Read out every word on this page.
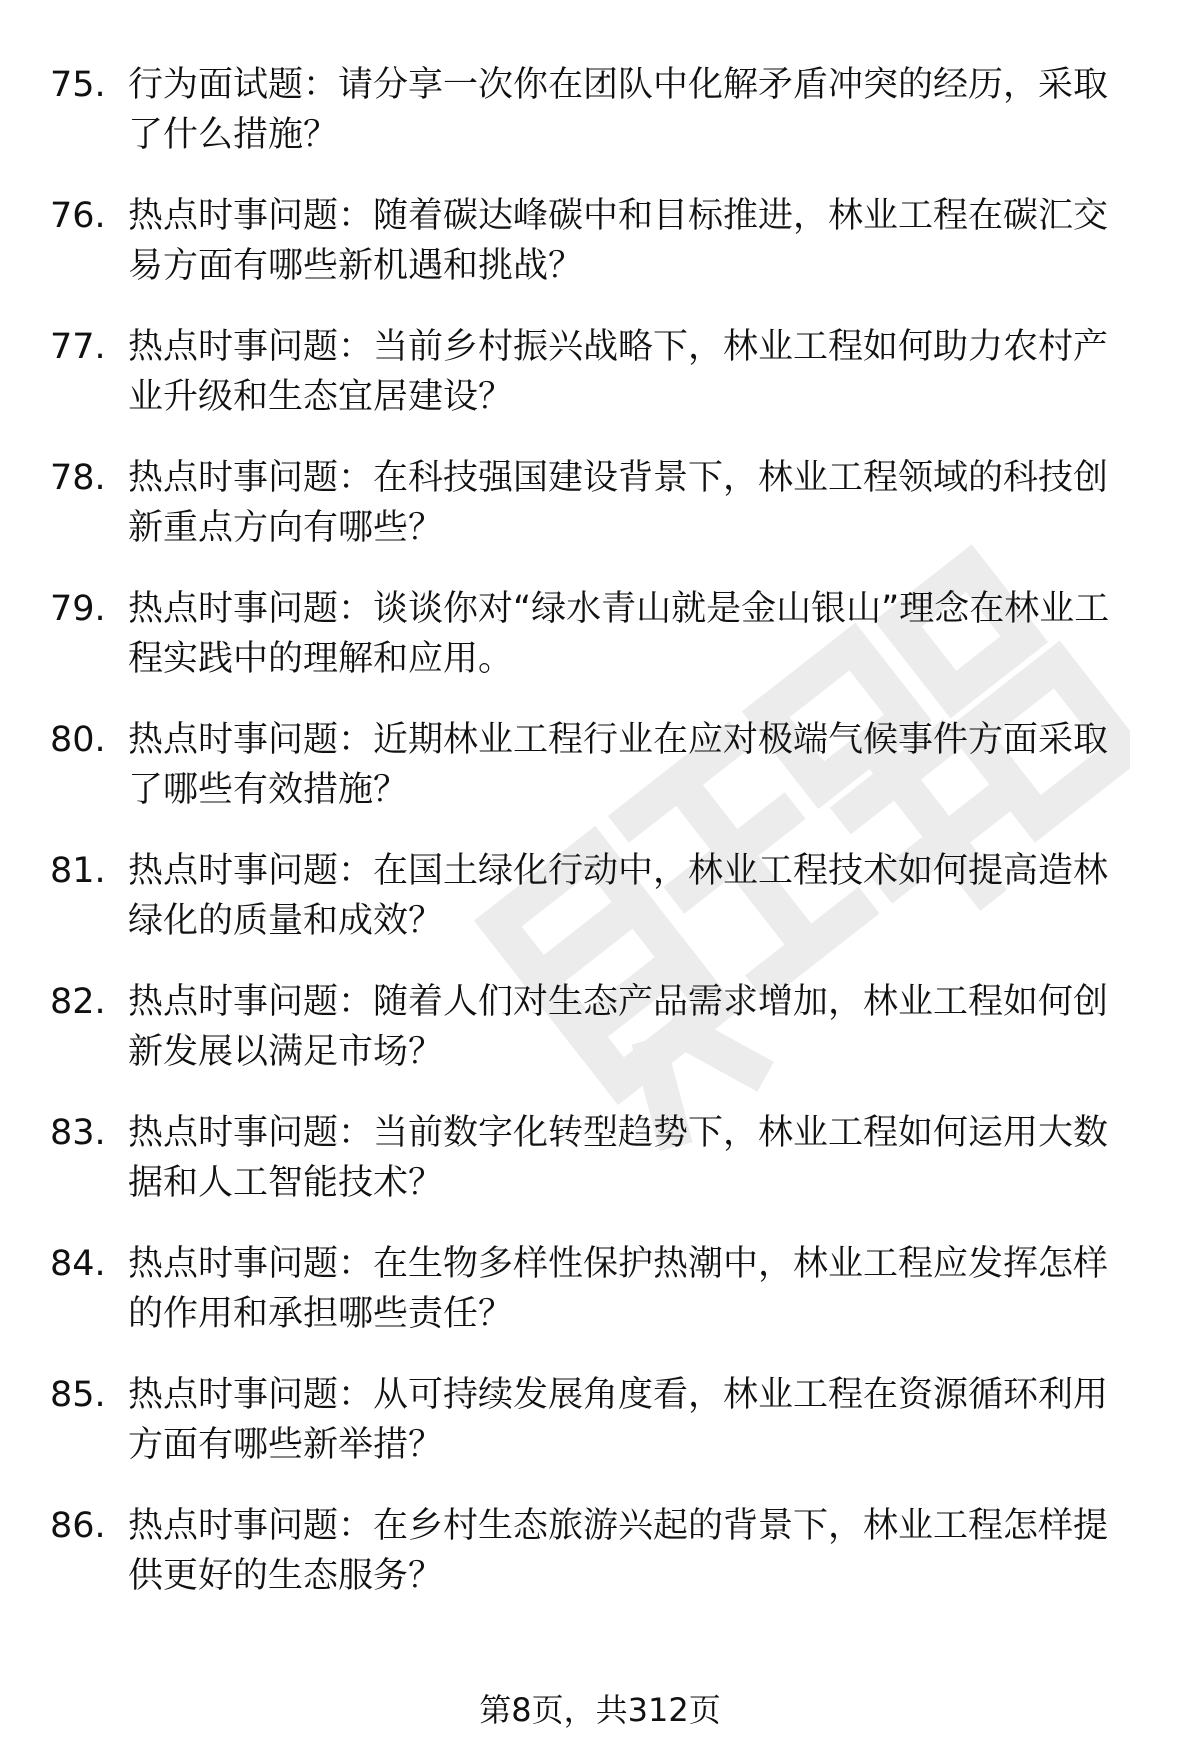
75. 行为面试题：请分享一次你在团队中化解矛盾冲突的经历，采取了什么措施？
76. 热点时事问题：随着碳达峰碳中和目标推进，林业工程在碳汇交易方面有哪些新机遇和挑战？
77. 热点时事问题：当前乡村振兴战略下，林业工程如何助力农村产业升级和生态宜居建设？
78. 热点时事问题：在科技强国建设背景下，林业工程领域的科技创新重点方向有哪些？
79. 热点时事问题：谈谈你对“绿水青山就是金山银山”理念在林业工程实践中的理解和应用。
80. 热点时事问题：近期林业工程行业在应对极端气候事件方面采取了哪些有效措施？
81. 热点时事问题：在国土绿化行动中，林业工程技术如何提高造林绿化的质量和成效？
82. 热点时事问题：随着人们对生态产品需求增加，林业工程如何创新发展以满足市场？
83. 热点时事问题：当前数字化转型趋势下，林业工程如何运用大数据和人工智能技术？
84. 热点时事问题：在生物多样性保护热潮中，林业工程应发挥怎样的作用和承担哪些责任？
85. 热点时事问题：从可持续发展角度看，林业工程在资源循环利用方面有哪些新举措？
86. 热点时事问题：在乡村生态旅游兴起的背景下，林业工程怎样提供更好的生态服务？
第8页，共312页
